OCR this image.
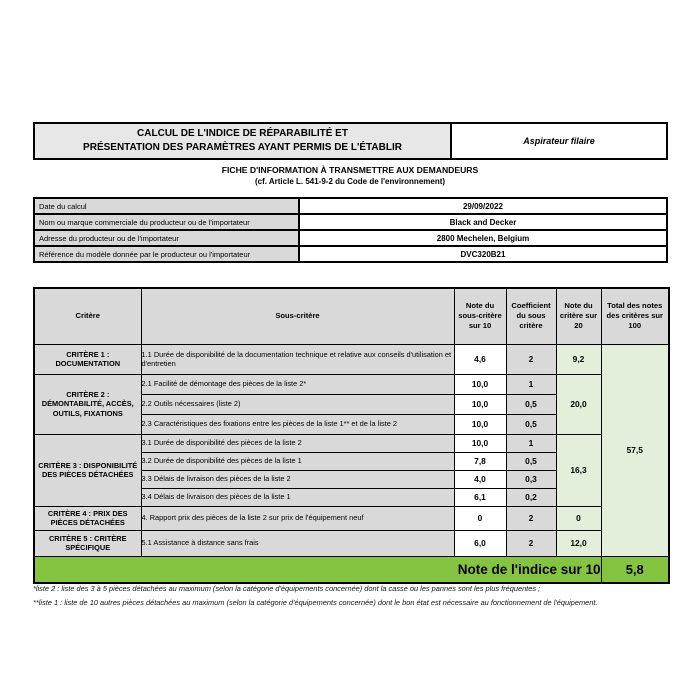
CALCUL DE L'INDICE DE RÉPARABILITÉ ET
PRÉSENTATION DES PARAMÈTRES AYANT PERMIS DE L'ÉTABLIR
Aspirateur filaire
FICHE D'INFORMATION À TRANSMETTRE AUX DEMANDEURS
(cf. Article L. 541-9-2 du Code de l'environnement)
Date du calcul	29/09/2022
Nom ou marque commerciale du producteur ou de l'importateur	Black and Decker
Adresse du producteur ou de l'importateur	2800 Mechelen, Belgium
Référence du modèle donnée par le producteur ou l'importateur	DVC320B21
Critère	Sous-critère	Note du sous-critère sur 10	Coefficient du sous critère	Note du critère sur 20	Total des notes des critères sur 100
CRITÈRE 1 : DOCUMENTATION	1.1 Durée de disponibilité de la documentation technique et relative aux conseils d'utilisation et d'entretien	4,6	2	9,2	57,5
CRITÈRE 2 : DÉMONTABILITÉ, ACCÈS, OUTILS, FIXATIONS	2.1 Facilité de démontage des pièces de la liste 2*	10,0	1	20,0	
	2.2 Outils nécessaires (liste 2)	10,0	0,5		
	2.3 Caractéristiques des fixations entre les pièces de la liste 1** et de la liste 2	10,0	0,5		
CRITÈRE 3 : DISPONIBILITÉ DES PIÈCES DÉTACHÉES	3.1 Durée de disponibilité des pièces de la liste 2	10,0	1	16,3	
	3.2 Durée de disponibilité des pièces de la liste 1	7,8	0,5		
	3.3 Délais de livraison des pièces de la liste 2	4,0	0,3		
	3.4 Délais de livraison des pièces de la liste 1	6,1	0,2		
CRITÈRE 4 : PRIX DES PIÈCES DÉTACHÉES	4. Rapport prix des pièces de la liste 2 sur prix de l'équipement neuf	0	2	0	
CRITÈRE 5 : CRITÈRE SPÉCIFIQUE	5.1 Assistance à distance sans frais	6,0	2	12,0	
Note de l'indice sur 10					5,8

*liste 2 : liste des 3 à 5 pièces détachées au maximum (selon la catégorie d'équipements concernée) dont la casse ou les pannes sont les plus fréquentes ;

**liste 1 : liste de 10 autres pièces détachées au maximum (selon la catégorie d'équipements concernée) dont le bon état est nécessaire au fonctionnement de l'équipement.
